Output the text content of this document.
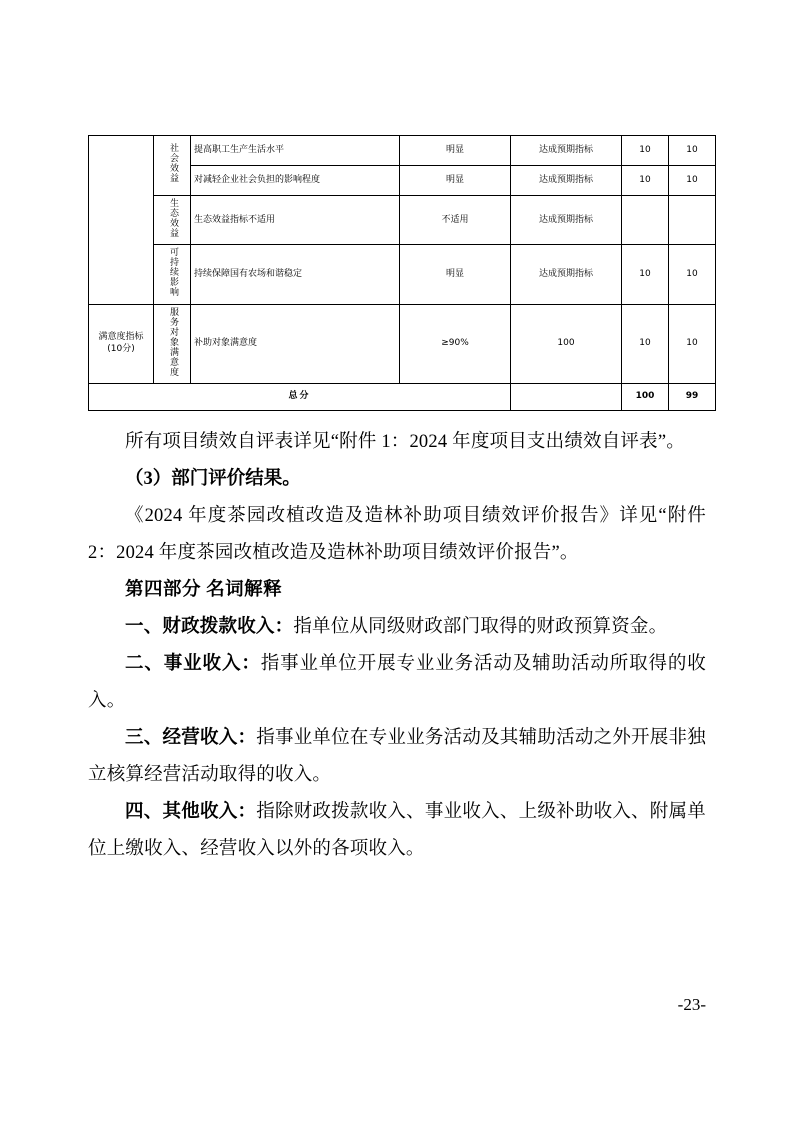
	社会效益	提高职工生产生活水平	明显	达成预期指标	10	10
		对减轻企业社会负担的影响程度	明显	达成预期指标	10	10
	生态效益	生态效益指标不适用	不适用	达成预期指标		
	可持续影响	持续保障国有农场和谐稳定	明显	达成预期指标	10	10
满意度指标(10分)	服务对象满意度	补助对象满意度	≥90%	100	10	10
总分					100	99

所有项目绩效自评表详见“附件 1：2024 年度项目支出绩效自评表”。

（3）部门评价结果。

《2024 年度茶园改植改造及造林补助项目绩效评价报告》详见“附件 2：2024 年度茶园改植改造及造林补助项目绩效评价报告”。

第四部分 名词解释

一、财政拨款收入：指单位从同级财政部门取得的财政预算资金。

二、事业收入：指事业单位开展专业业务活动及辅助活动所取得的收入。

三、经营收入：指事业单位在专业业务活动及其辅助活动之外开展非独立核算经营活动取得的收入。

四、其他收入：指除财政拨款收入、事业收入、上级补助收入、附属单位上缴收入、经营收入以外的各项收入。

-23-
